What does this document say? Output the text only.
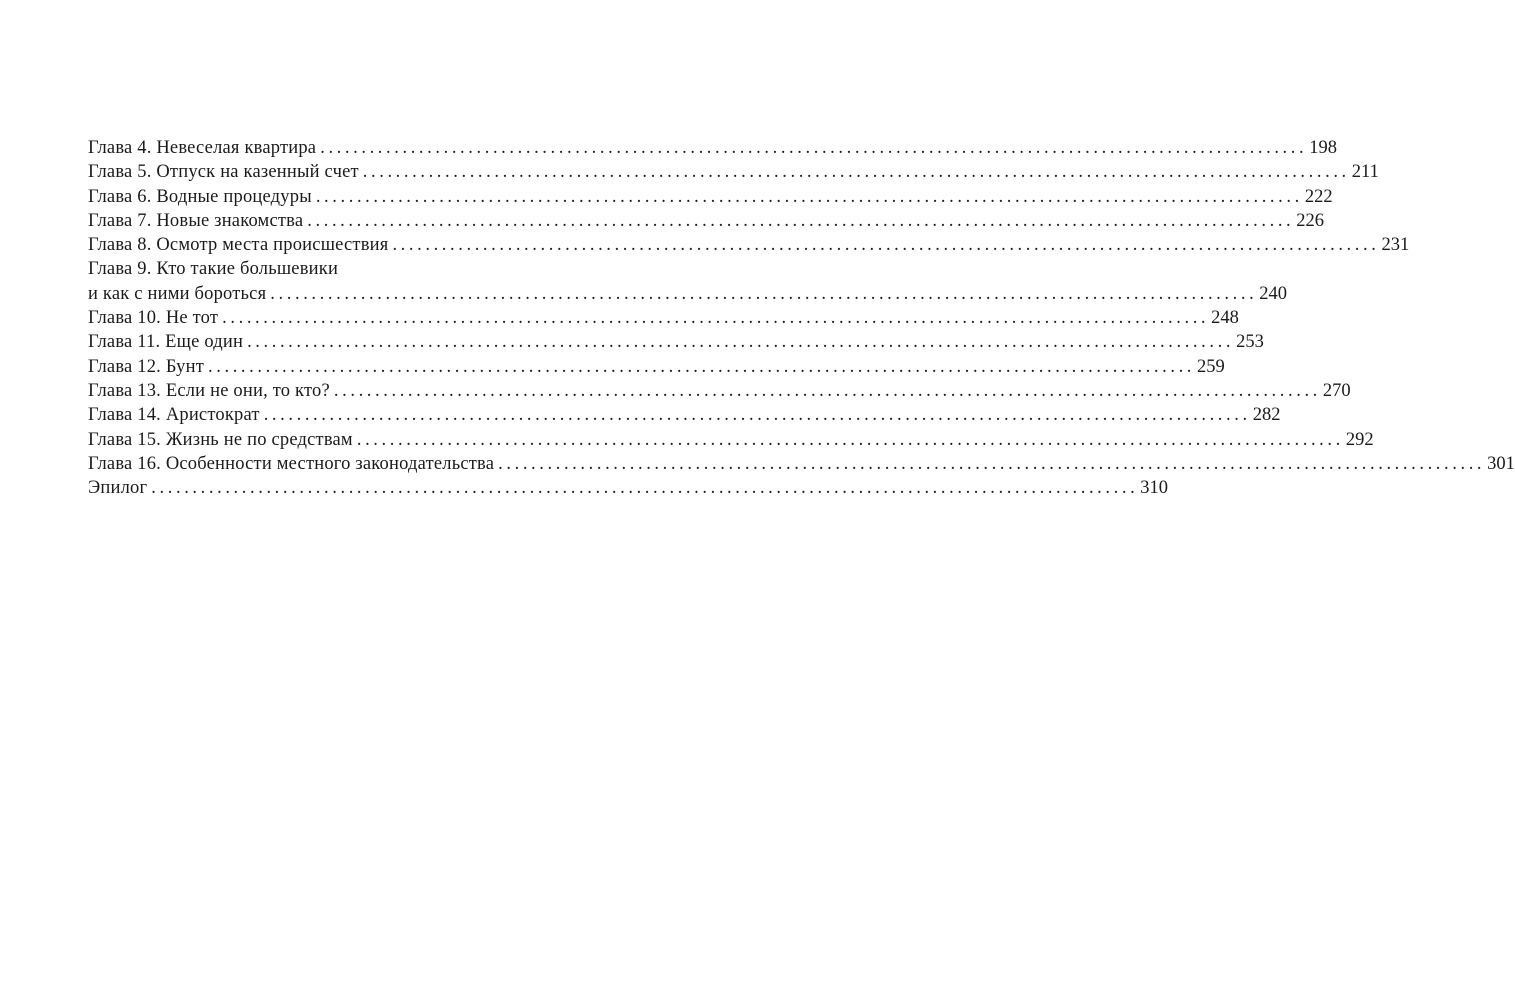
Глава 4. Невеселая квартира ........................................................................................................................ 198
Глава 5. Отпуск на казенный счет ........................................................................................................................ 211
Глава 6. Водные процедуры ........................................................................................................................ 222
Глава 7. Новые знакомства ........................................................................................................................ 226
Глава 8. Осмотр места происшествия ........................................................................................................................ 231
Глава 9. Кто такие большевики
и как с ними бороться ........................................................................................................................ 240
Глава 10. Не тот ........................................................................................................................ 248
Глава 11. Еще один ........................................................................................................................ 253
Глава 12. Бунт ........................................................................................................................ 259
Глава 13. Если не они, то кто? ........................................................................................................................ 270
Глава 14. Аристократ ........................................................................................................................ 282
Глава 15. Жизнь не по средствам ........................................................................................................................ 292
Глава 16. Особенности местного законодательства ........................................................................................................................ 301
Эпилог ........................................................................................................................ 310
